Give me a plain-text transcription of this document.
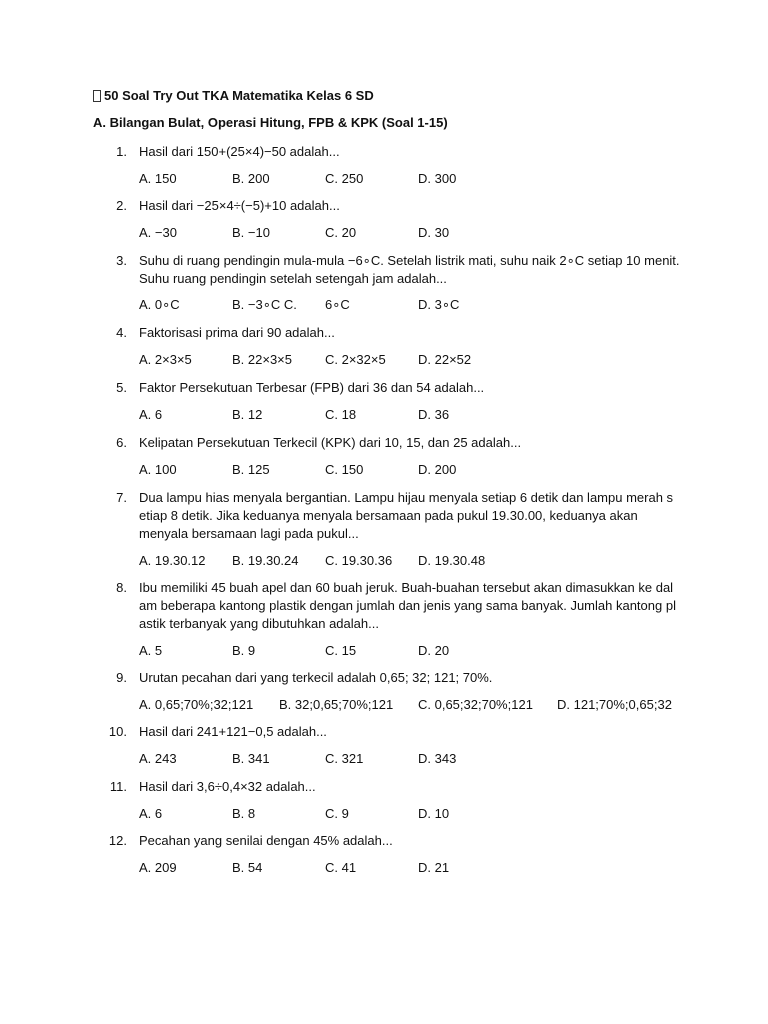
50 Soal Try Out TKA Matematika Kelas 6 SD
A. Bilangan Bulat, Operasi Hitung, FPB & KPK (Soal 1-15)
1. Hasil dari 150+(25×4)−50 adalah...
A. 150	B. 200	C. 250	D. 300
2. Hasil dari −25×4÷(−5)+10 adalah...
A. −30	B. −10	C. 20	D. 30
3. Suhu di ruang pendingin mula-mula −6∘C. Setelah listrik mati, suhu naik 2∘C setiap 10 menit.
Suhu ruang pendingin setelah setengah jam adalah...
A. 0∘C	B. −3∘C C. 6∘C	D. 3∘C
4. Faktorisasi prima dari 90 adalah...
A. 2×3×5	B. 22×3×5	C. 2×32×5 D. 22×52
5. Faktor Persekutuan Terbesar (FPB) dari 36 dan 54 adalah...
A. 6	B. 12	C. 18	D. 36
6. Kelipatan Persekutuan Terkecil (KPK) dari 10, 15, dan 25 adalah...
A. 100	B. 125	C. 150	D. 200
7. Dua lampu hias menyala bergantian. Lampu hijau menyala setiap 6 detik dan lampu merah s
etiap 8 detik. Jika keduanya menyala bersamaan pada pukul 19.30.00, keduanya akan
menyala bersamaan lagi pada pukul...
A. 19.30.12 B. 19.30.24 C. 19.30.36 D. 19.30.48
8. Ibu memiliki 45 buah apel dan 60 buah jeruk. Buah-buahan tersebut akan dimasukkan ke dal
am beberapa kantong plastik dengan jumlah dan jenis yang sama banyak. Jumlah kantong pl
astik terbanyak yang dibutuhkan adalah...
A. 5	B. 9	C. 15	D. 20
9. Urutan pecahan dari yang terkecil adalah 0,65; 32; 121; 70%.
A. 0,65;70%;32;121 B. 32;0,65;70%;121 C. 0,65;32;70%;121 D. 121;70%;0,65;32
10. Hasil dari 241+121−0,5 adalah...
A. 243	B. 341	C. 321	D. 343
11. Hasil dari 3,6÷0,4×32 adalah...
A. 6	B. 8	C. 9	D. 10
12. Pecahan yang senilai dengan 45% adalah...
A. 209	B. 54	C. 41	D. 21
